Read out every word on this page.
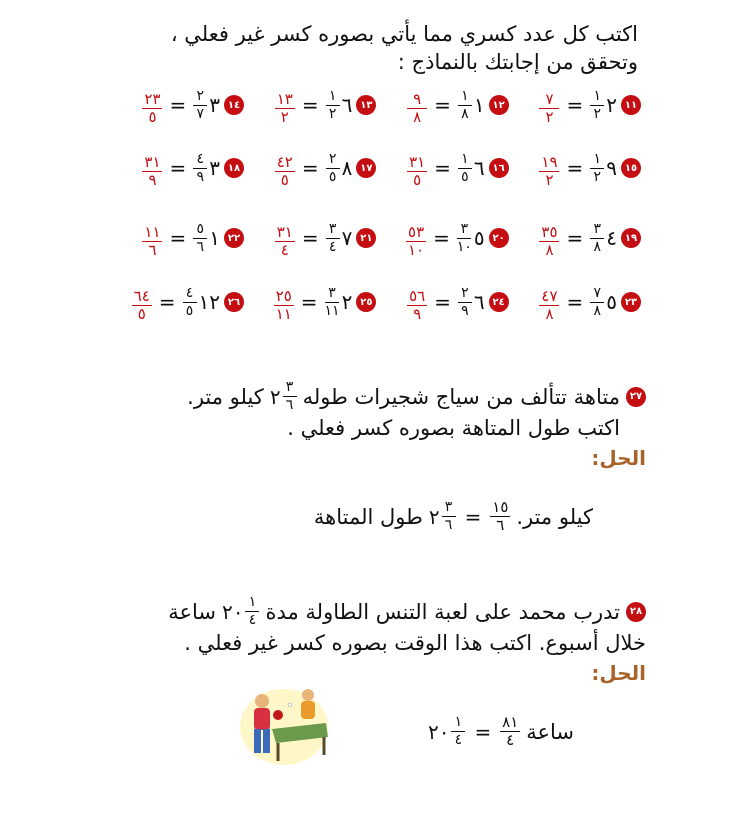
اكتب كل عدد كسري مما يأتي بصوره كسر غير فعلي ، وتحقق من إجابتك بالنماذج :
١١
٢
$\frac{١}{٢}$
=
$\frac{٧}{٢}$
١٢
١
$\frac{١}{٨}$
=
$\frac{٩}{٨}$
١٣
٦
$\frac{١}{٢}$
=
$\frac{١٣}{٢}$
١٤
٣
$\frac{٢}{٧}$
=
$\frac{٢٣}{٥}$
١٥
٩
$\frac{١}{٢}$
=
$\frac{١٩}{٢}$
١٦
٦
$\frac{١}{٥}$
=
$\frac{٣١}{٥}$
١٧
٨
$\frac{٢}{٥}$
=
$\frac{٤٢}{٥}$
١٨
٣
$\frac{٤}{٩}$
=
$\frac{٣١}{٩}$
١٩
٤
$\frac{٣}{٨}$
=
$\frac{٣٥}{٨}$
٢٠
٥
$\frac{٣}{١٠}$
=
$\frac{٥٣}{١٠}$
٢١
٧
$\frac{٣}{٤}$
=
$\frac{٣١}{٤}$
٢٢
١
$\frac{٥}{٦}$
=
$\frac{١١}{٦}$
٢٣
٥
$\frac{٧}{٨}$
=
$\frac{٤٧}{٨}$
٢٤
٦
$\frac{٢}{٩}$
=
$\frac{٥٦}{٩}$
٢٥
٢
$\frac{٣}{١١}$
=
$\frac{٢٥}{١١}$
٢٦
١٢
$\frac{٤}{٥}$
=
$\frac{٦٤}{٥}$
٢٧
متاهة تتألف من سياج شجيرات طوله
٢ $\frac{٣}{٦}$
كيلو متر.
اكتب طول المتاهة بصوره كسر فعلي .
الحل:
طول المتاهة ٢ $\frac{٣}{٦} = \frac{١٥}{٦}$ كيلو متر.
٢٨
تدرب محمد على لعبة التنس الطاولة مدة
٢٠ $\frac{١}{٤}$
ساعة
خلال أسبوع. اكتب هذا الوقت بصوره كسر غير فعلي .
الحل:
٢٠ $\frac{١}{٤} = \frac{٨١}{٤}$ ساعة
